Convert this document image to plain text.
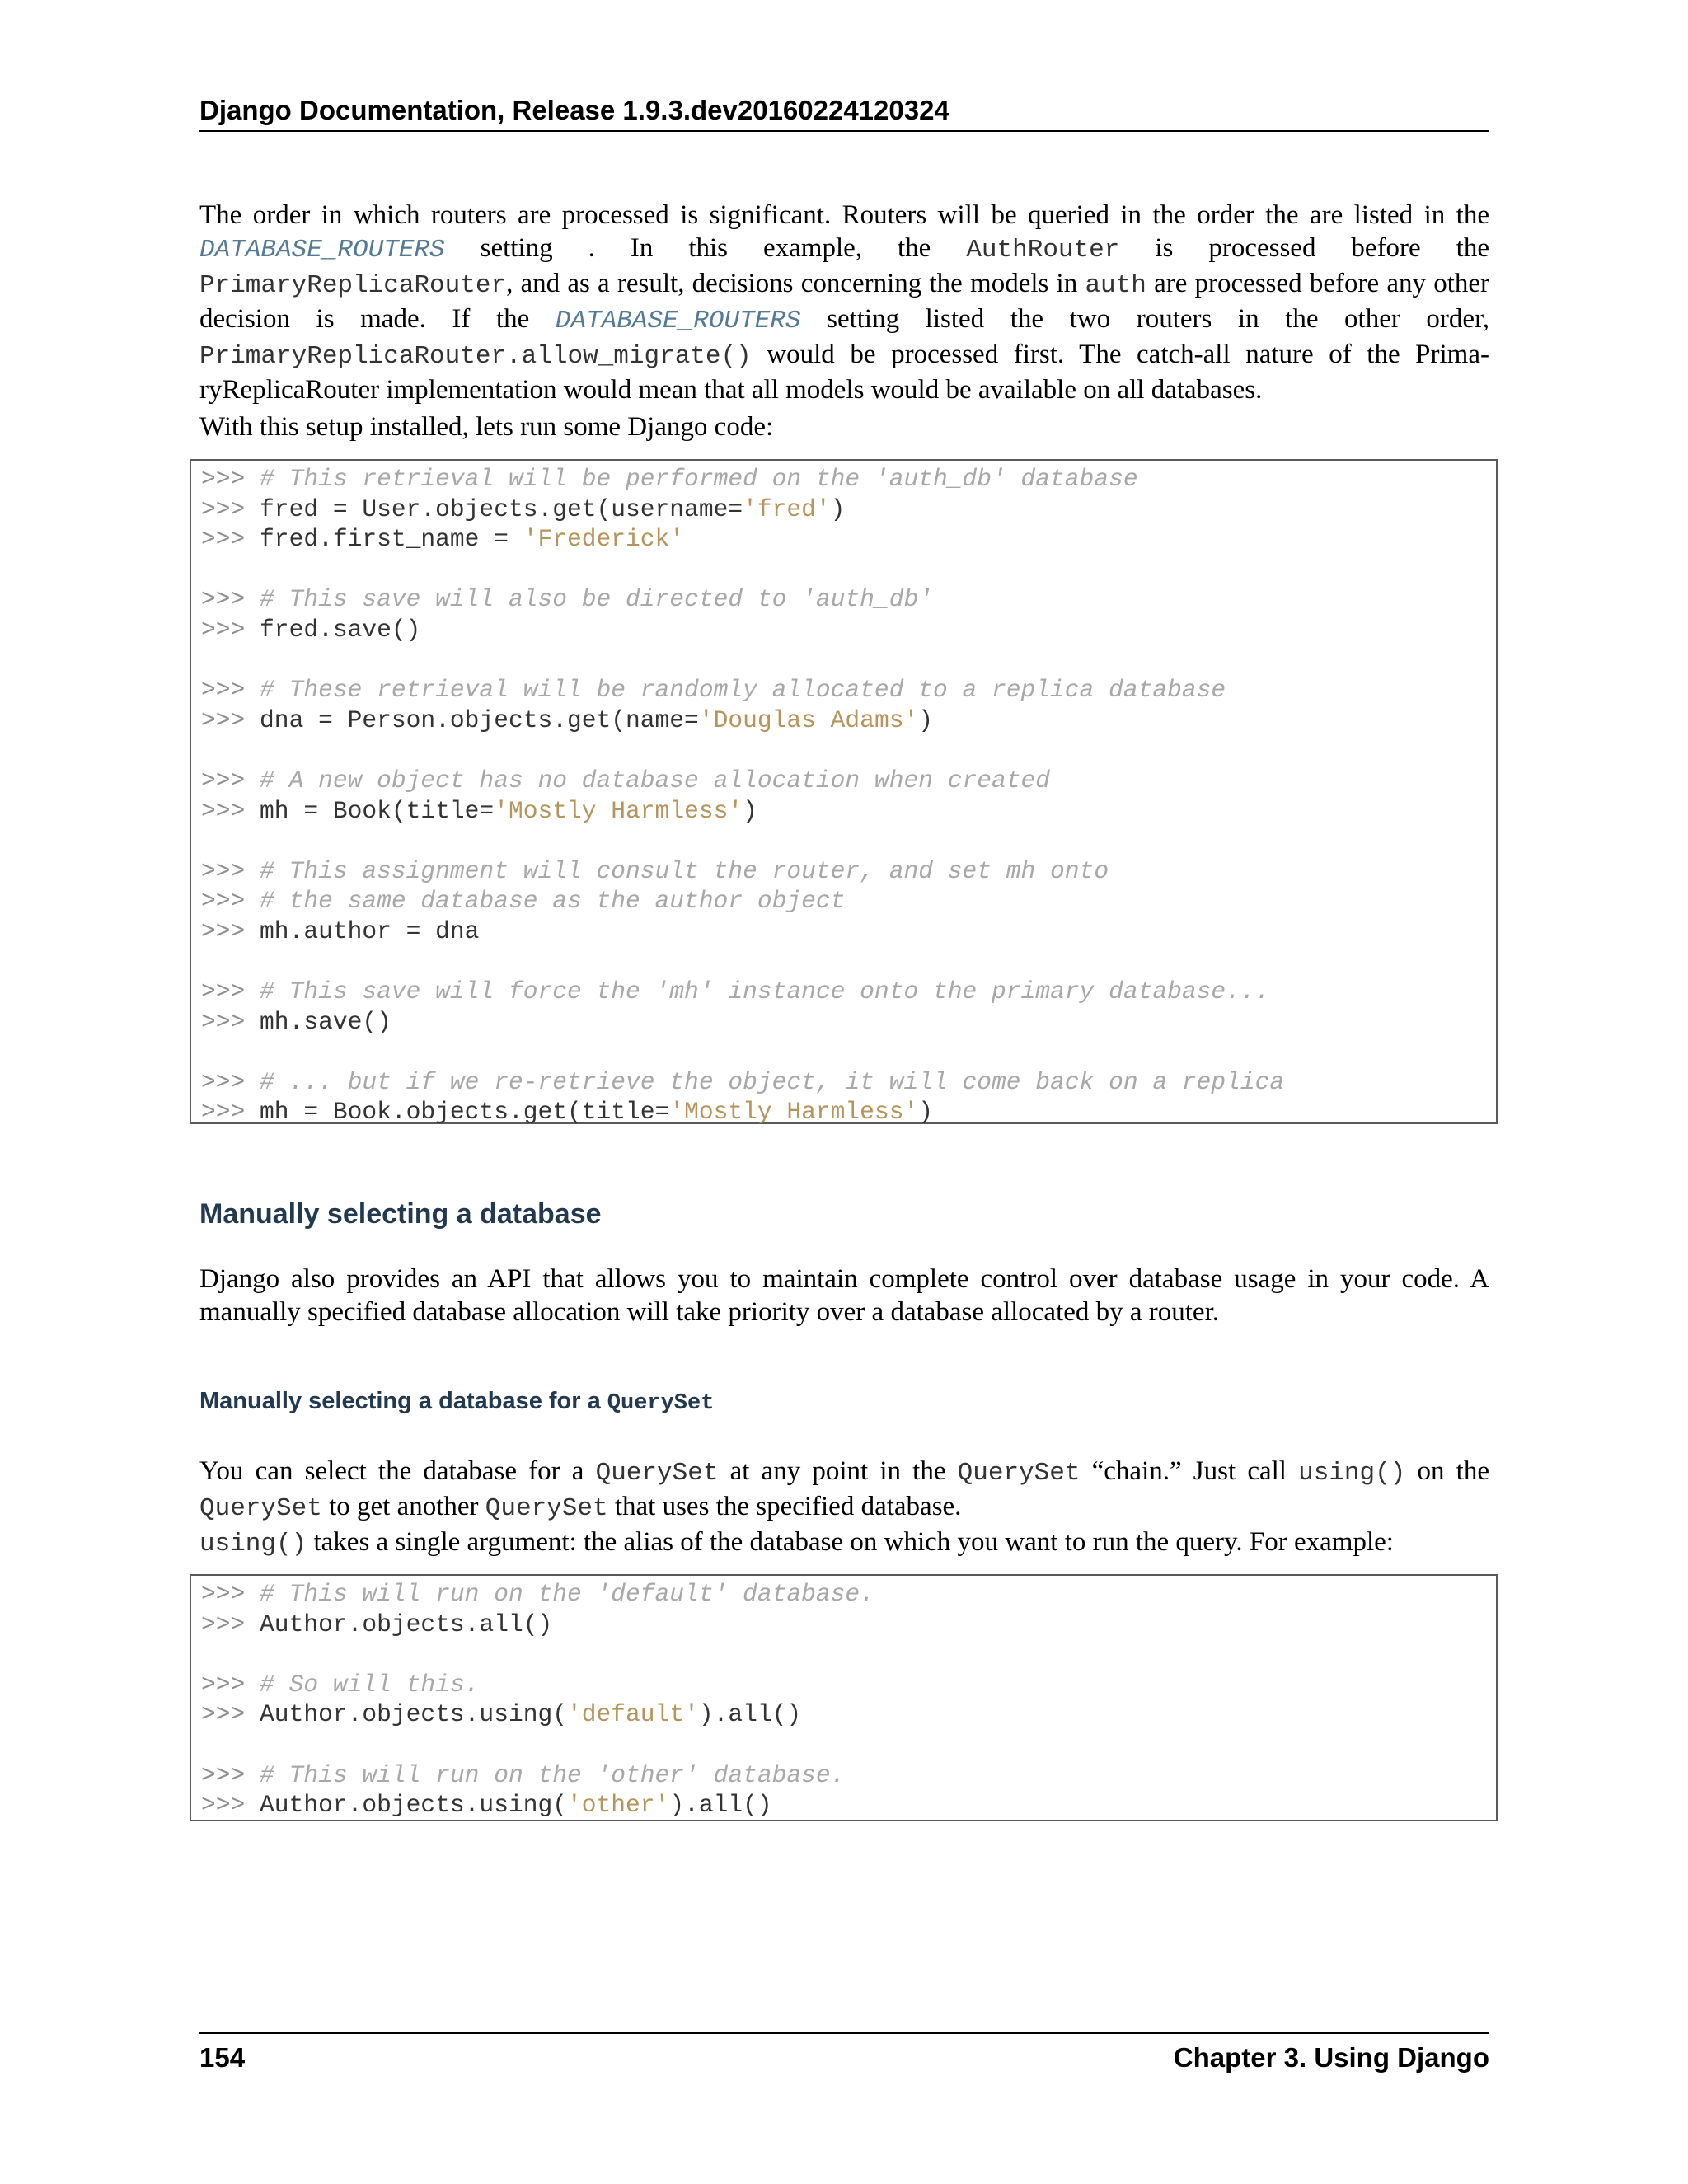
Django Documentation, Release 1.9.3.dev20160224120324

The order in which routers are processed is significant. Routers will be queried in the order the are listed in the DATABASE_ROUTERS setting . In this example, the AuthRouter is processed before the PrimaryReplicaRouter, and as a result, decisions concerning the models in auth are processed before any other decision is made. If the DATABASE_ROUTERS setting listed the two routers in the other order, PrimaryReplicaRouter.allow_migrate() would be processed first. The catch-all nature of the Prima-ryReplicaRouter implementation would mean that all models would be available on all databases.

With this setup installed, lets run some Django code:

>>> # This retrieval will be performed on the 'auth_db' database
>>> fred = User.objects.get(username='fred')
>>> fred.first_name = 'Frederick'
>>> # This save will also be directed to 'auth_db'
>>> fred.save()
>>> # These retrieval will be randomly allocated to a replica database
>>> dna = Person.objects.get(name='Douglas Adams')
>>> # A new object has no database allocation when created
>>> mh = Book(title='Mostly Harmless')
>>> # This assignment will consult the router, and set mh onto
>>> # the same database as the author object
>>> mh.author = dna
>>> # This save will force the 'mh' instance onto the primary database...
>>> mh.save()
>>> # ... but if we re-retrieve the object, it will come back on a replica
>>> mh = Book.objects.get(title='Mostly Harmless')
Manually selecting a database

Django also provides an API that allows you to maintain complete control over database usage in your code. A manually specified database allocation will take priority over a database allocated by a router.

Manually selecting a database for a QuerySet

You can select the database for a QuerySet at any point in the QuerySet “chain.” Just call using() on the QuerySet to get another QuerySet that uses the specified database.

using() takes a single argument: the alias of the database on which you want to run the query. For example:

>>> # This will run on the 'default' database.
>>> Author.objects.all()
>>> # So will this.
>>> Author.objects.using('default').all()
>>> # This will run on the 'other' database.
>>> Author.objects.using('other').all()
154	Chapter 3. Using Django
